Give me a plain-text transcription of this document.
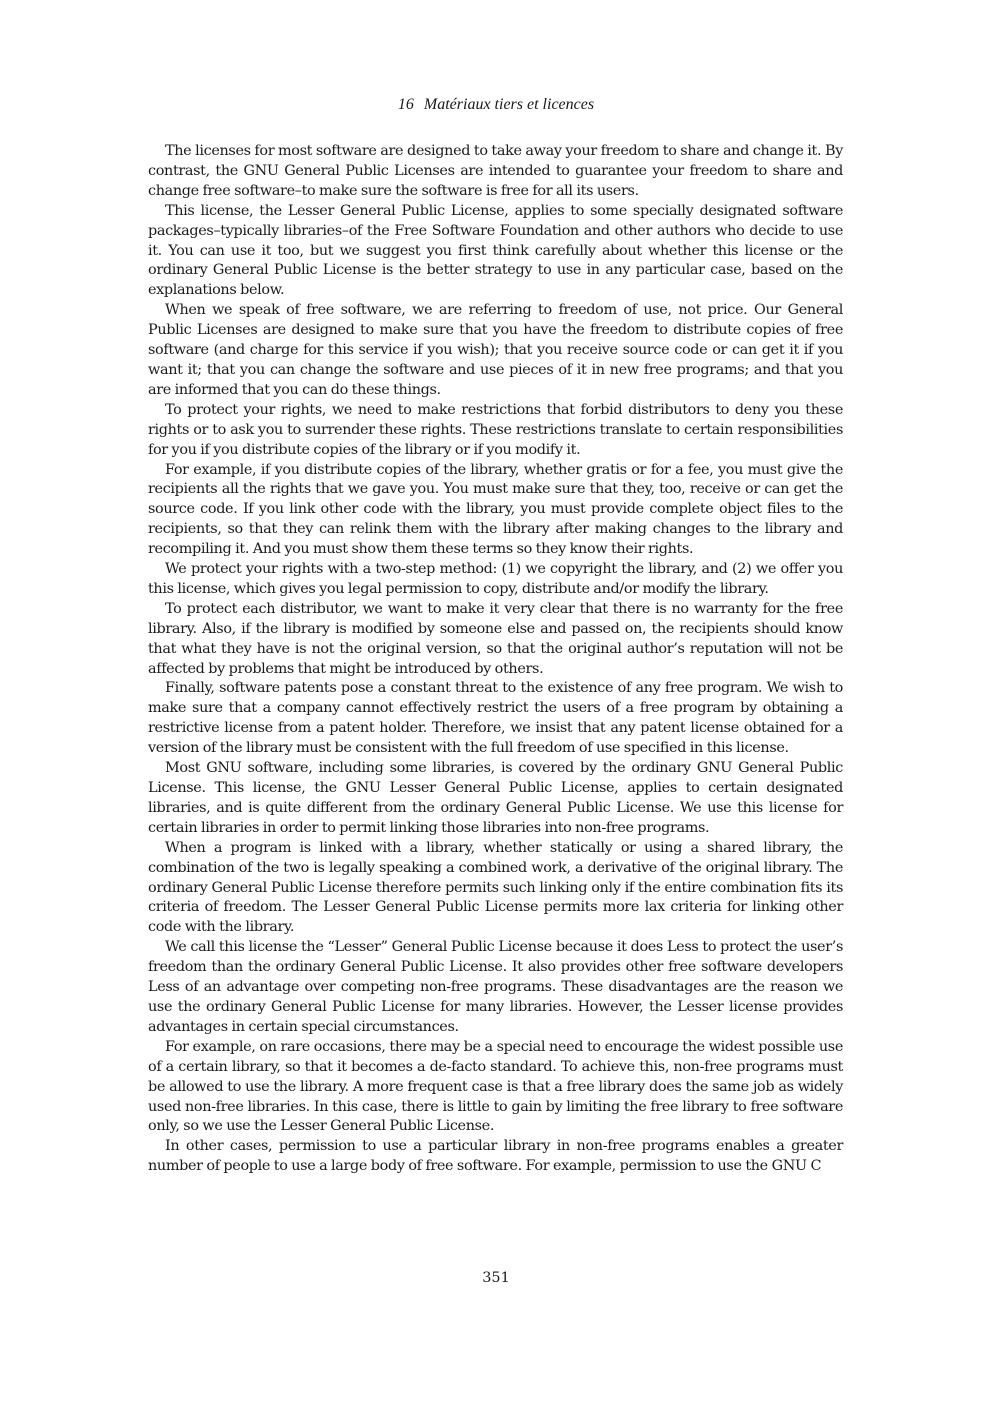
16 Matériaux tiers et licences

The licenses for most software are designed to take away your freedom to share and change it. By contrast, the GNU General Public Licenses are intended to guarantee your freedom to share and change free software–to make sure the software is free for all its users.

This license, the Lesser General Public License, applies to some specially designated software packages–typically libraries–of the Free Software Foundation and other authors who decide to use it. You can use it too, but we suggest you first think carefully about whether this license or the ordinary General Public License is the better strategy to use in any particular case, based on the explanations below.

When we speak of free software, we are referring to freedom of use, not price. Our General Public Licenses are designed to make sure that you have the freedom to distribute copies of free software (and charge for this service if you wish); that you receive source code or can get it if you want it; that you can change the software and use pieces of it in new free programs; and that you are informed that you can do these things.

To protect your rights, we need to make restrictions that forbid distributors to deny you these rights or to ask you to surrender these rights. These restrictions translate to certain responsibilities for you if you distribute copies of the library or if you modify it.

For example, if you distribute copies of the library, whether gratis or for a fee, you must give the recipients all the rights that we gave you. You must make sure that they, too, receive or can get the source code. If you link other code with the library, you must provide complete object files to the recipients, so that they can relink them with the library after making changes to the library and recompiling it. And you must show them these terms so they know their rights.

We protect your rights with a two-step method: (1) we copyright the library, and (2) we offer you this license, which gives you legal permission to copy, distribute and/or modify the library.

To protect each distributor, we want to make it very clear that there is no warranty for the free library. Also, if the library is modified by someone else and passed on, the recipients should know that what they have is not the original version, so that the original author’s reputation will not be affected by problems that might be introduced by others.

Finally, software patents pose a constant threat to the existence of any free program. We wish to make sure that a company cannot effectively restrict the users of a free program by obtaining a restrictive license from a patent holder. Therefore, we insist that any patent license obtained for a version of the library must be consistent with the full freedom of use specified in this license.

Most GNU software, including some libraries, is covered by the ordinary GNU General Public License. This license, the GNU Lesser General Public License, applies to certain designated libraries, and is quite different from the ordinary General Public License. We use this license for certain libraries in order to permit linking those libraries into non-free programs.

When a program is linked with a library, whether statically or using a shared library, the combination of the two is legally speaking a combined work, a derivative of the original library. The ordinary General Public License therefore permits such linking only if the entire combination fits its criteria of freedom. The Lesser General Public License permits more lax criteria for linking other code with the library.

We call this license the “Lesser” General Public License because it does Less to protect the user’s freedom than the ordinary General Public License. It also provides other free software developers Less of an advantage over competing non-free programs. These disadvantages are the reason we use the ordinary General Public License for many libraries. However, the Lesser license provides advantages in certain special circumstances.

For example, on rare occasions, there may be a special need to encourage the widest possible use of a certain library, so that it becomes a de-facto standard. To achieve this, non-free programs must be allowed to use the library. A more frequent case is that a free library does the same job as widely used non-free libraries. In this case, there is little to gain by limiting the free library to free software only, so we use the Lesser General Public License.

In other cases, permission to use a particular library in non-free programs enables a greater number of people to use a large body of free software. For example, permission to use the GNU C

351
